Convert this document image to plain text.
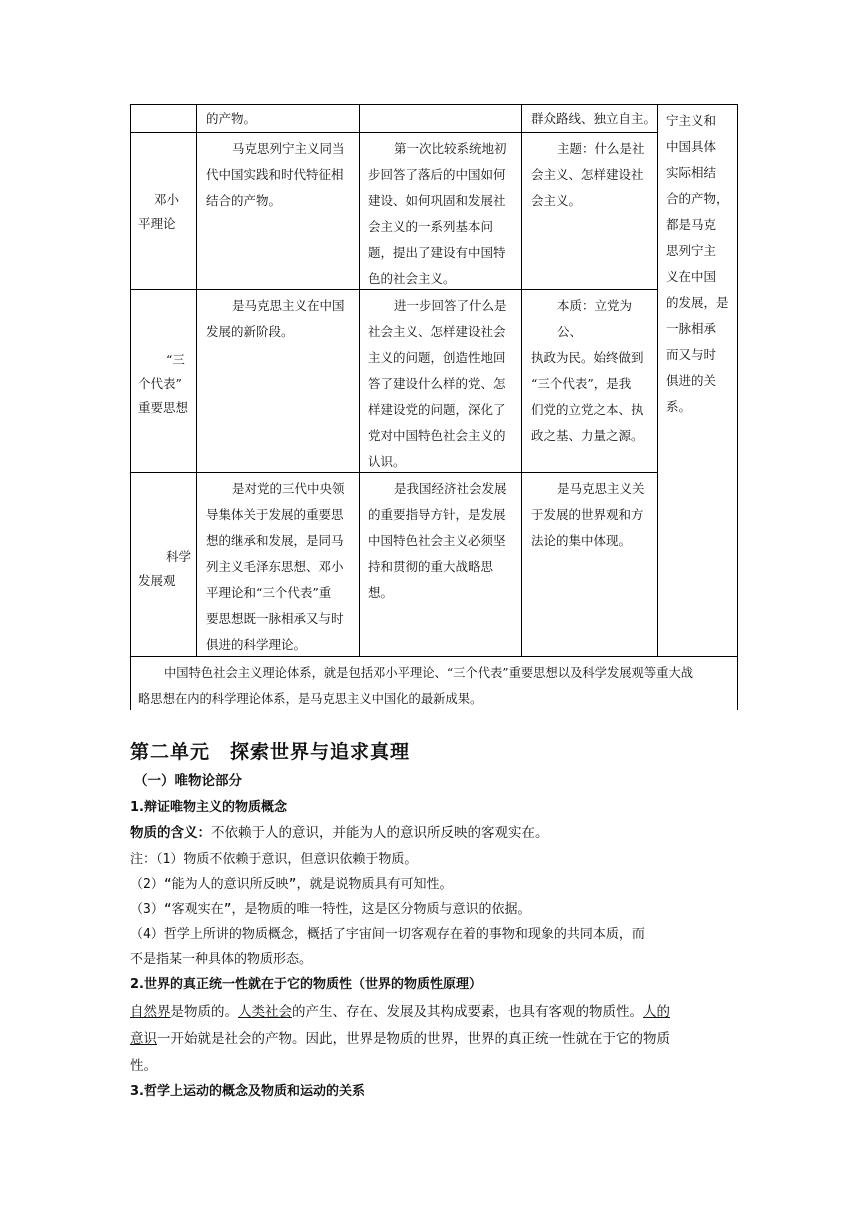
的产物。	群众路线、独立自主。 宁主义和
中国具体
实际相结
合的产物，
都是马克
思列宁主
义在中国
的发展，是
一脉相承
而又与时
俱进的关
系。
邓小
平理论
马克思列宁主义同当
代中国实践和时代特征相
结合的产物。
第一次比较系统地初
步回答了落后的中国如何
建设、如何巩固和发展社
会主义的一系列基本问
题，提出了建设有中国特
色的社会主义。
主题：什么是社
会主义、怎样建设社
会主义。
“三
个代表”
重要思想
是马克思主义在中国
发展的新阶段。
进一步回答了什么是
社会主义、怎样建设社会
主义的问题，创造性地回
答了建设什么样的党、怎
样建设党的问题，深化了
党对中国特色社会主义的
认识。
本质：立党为公、
执政为民。始终做到
“三个代表”，是我
们党的立党之本、执
政之基、力量之源。
科学
发展观
是对党的三代中央领
导集体关于发展的重要思
想的继承和发展，是同马
列主义毛泽东思想、邓小
平理论和“三个代表”重
要思想既一脉相承又与时
俱进的科学理论。
是我国经济社会发展
的重要指导方针，是发展
中国特色社会主义必须坚
持和贯彻的重大战略思
想。
是马克思主义关
于发展的世界观和方
法论的集中体现。
中国特色社会主义理论体系，就是包括邓小平理论、“三个代表”重要思想以及科学发展观等重大战
略思想在内的科学理论体系，是马克思主义中国化的最新成果。
第二单元　探索世界与追求真理
（一）唯物论部分
1.辩证唯物主义的物质概念
物质的含义：不依赖于人的意识，并能为人的意识所反映的客观实在。
注：（1）物质不依赖于意识，但意识依赖于物质。
（2）“能为人的意识所反映”，就是说物质具有可知性。
（3）“客观实在”，是物质的唯一特性，这是区分物质与意识的依据。
（4）哲学上所讲的物质概念，概括了宇宙间一切客观存在着的事物和现象的共同本质，而
不是指某一种具体的物质形态。
2.世界的真正统一性就在于它的物质性（世界的物质性原理）
自然界是物质的。人类社会的产生、存在、发展及其构成要素，也具有客观的物质性。人的
意识一开始就是社会的产物。因此，世界是物质的世界，世界的真正统一性就在于它的物质
性。
3.哲学上运动的概念及物质和运动的关系
